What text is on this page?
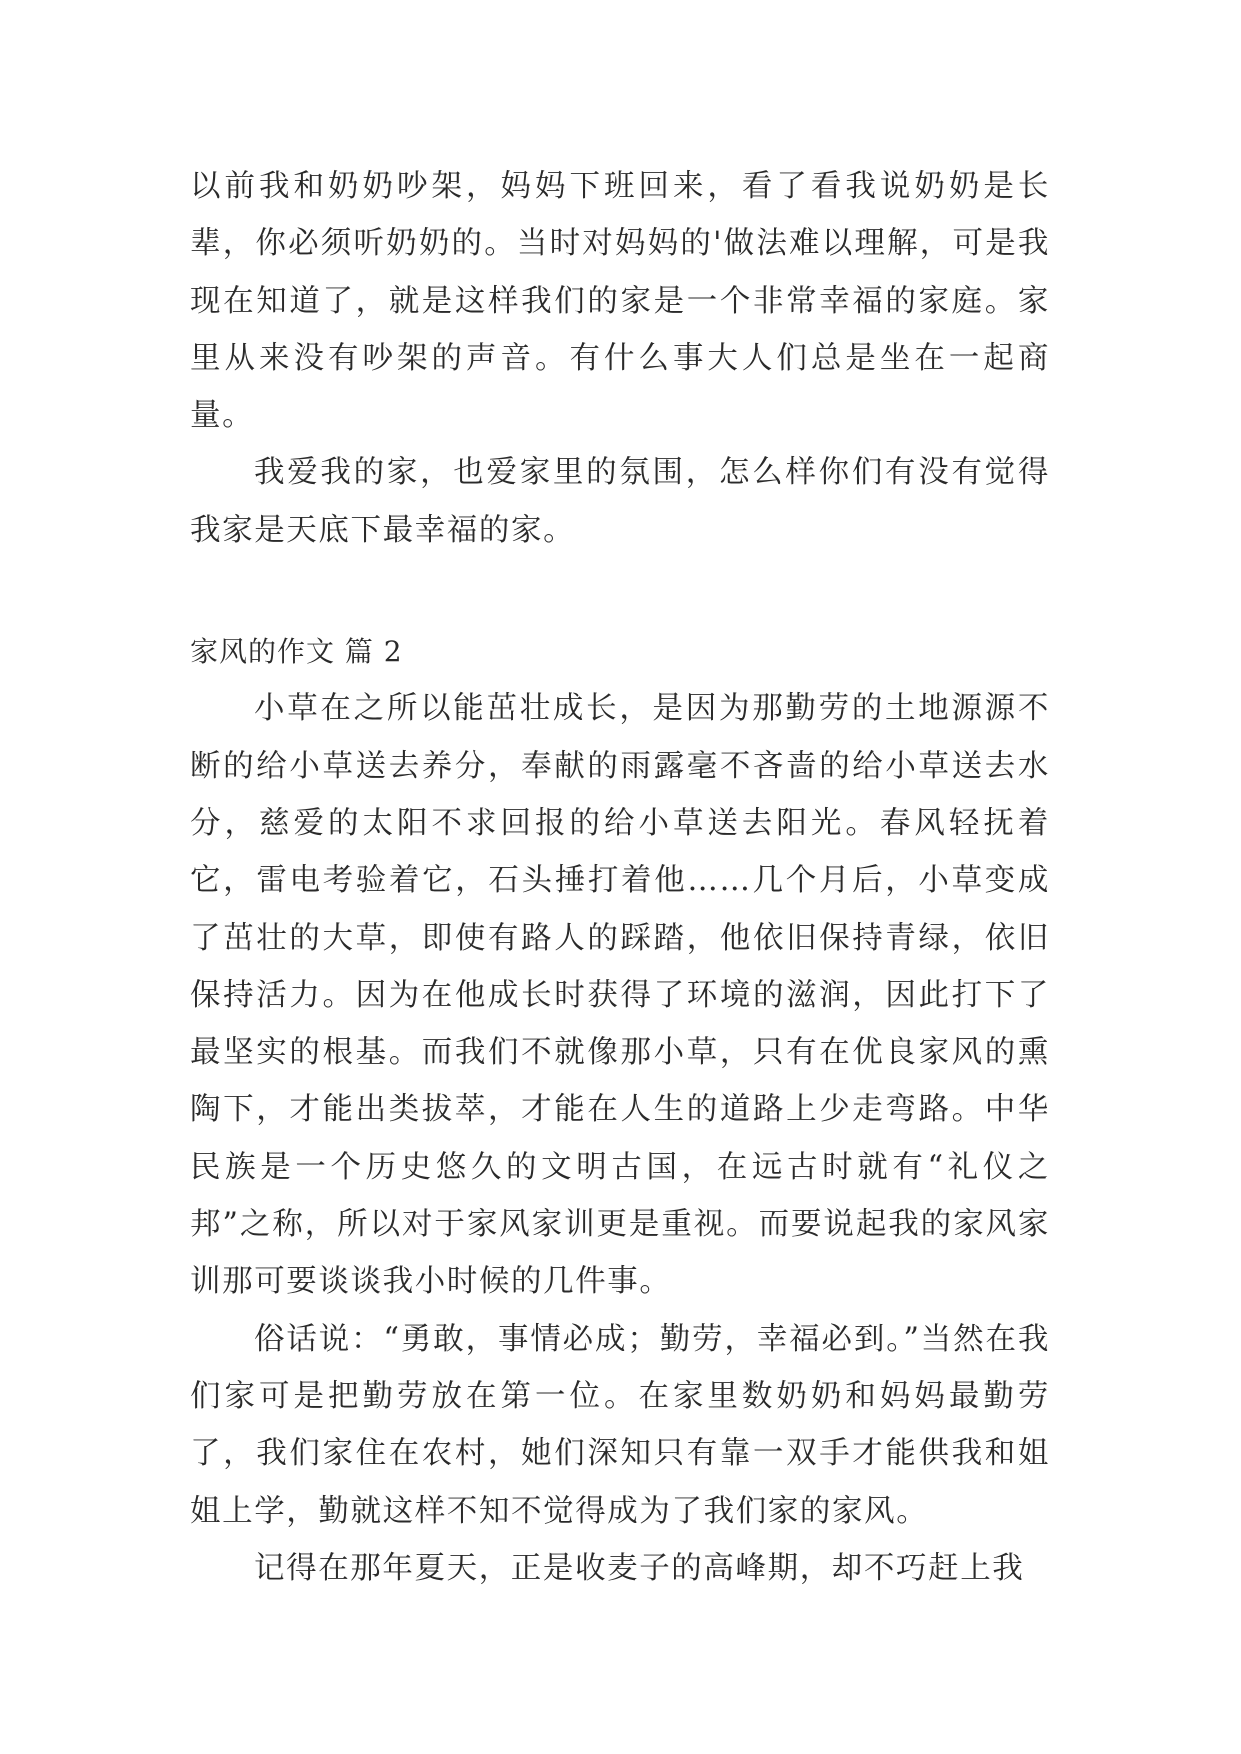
以前我和奶奶吵架，妈妈下班回来，看了看我说奶奶是长辈，你必须听奶奶的。当时对妈妈的'做法难以理解，可是我现在知道了，就是这样我们的家是一个非常幸福的家庭。家里从来没有吵架的声音。有什么事大人们总是坐在一起商量。

我爱我的家，也爱家里的氛围，怎么样你们有没有觉得我家是天底下最幸福的家。

家风的作文 篇 2

小草在之所以能茁壮成长，是因为那勤劳的土地源源不断的给小草送去养分，奉献的雨露毫不吝啬的给小草送去水分，慈爱的太阳不求回报的给小草送去阳光。春风轻抚着它，雷电考验着它，石头捶打着他……几个月后，小草变成了茁壮的大草，即使有路人的踩踏，他依旧保持青绿，依旧保持活力。因为在他成长时获得了环境的滋润，因此打下了最坚实的根基。而我们不就像那小草，只有在优良家风的熏陶下，才能出类拔萃，才能在人生的道路上少走弯路。中华民族是一个历史悠久的文明古国，在远古时就有“礼仪之邦”之称，所以对于家风家训更是重视。而要说起我的家风家训那可要谈谈我小时候的几件事。

俗话说：“勇敢，事情必成；勤劳，幸福必到。”当然在我们家可是把勤劳放在第一位。在家里数奶奶和妈妈最勤劳了，我们家住在农村，她们深知只有靠一双手才能供我和姐姐上学，勤就这样不知不觉得成为了我们家的家风。

记得在那年夏天，正是收麦子的高峰期，却不巧赶上我
